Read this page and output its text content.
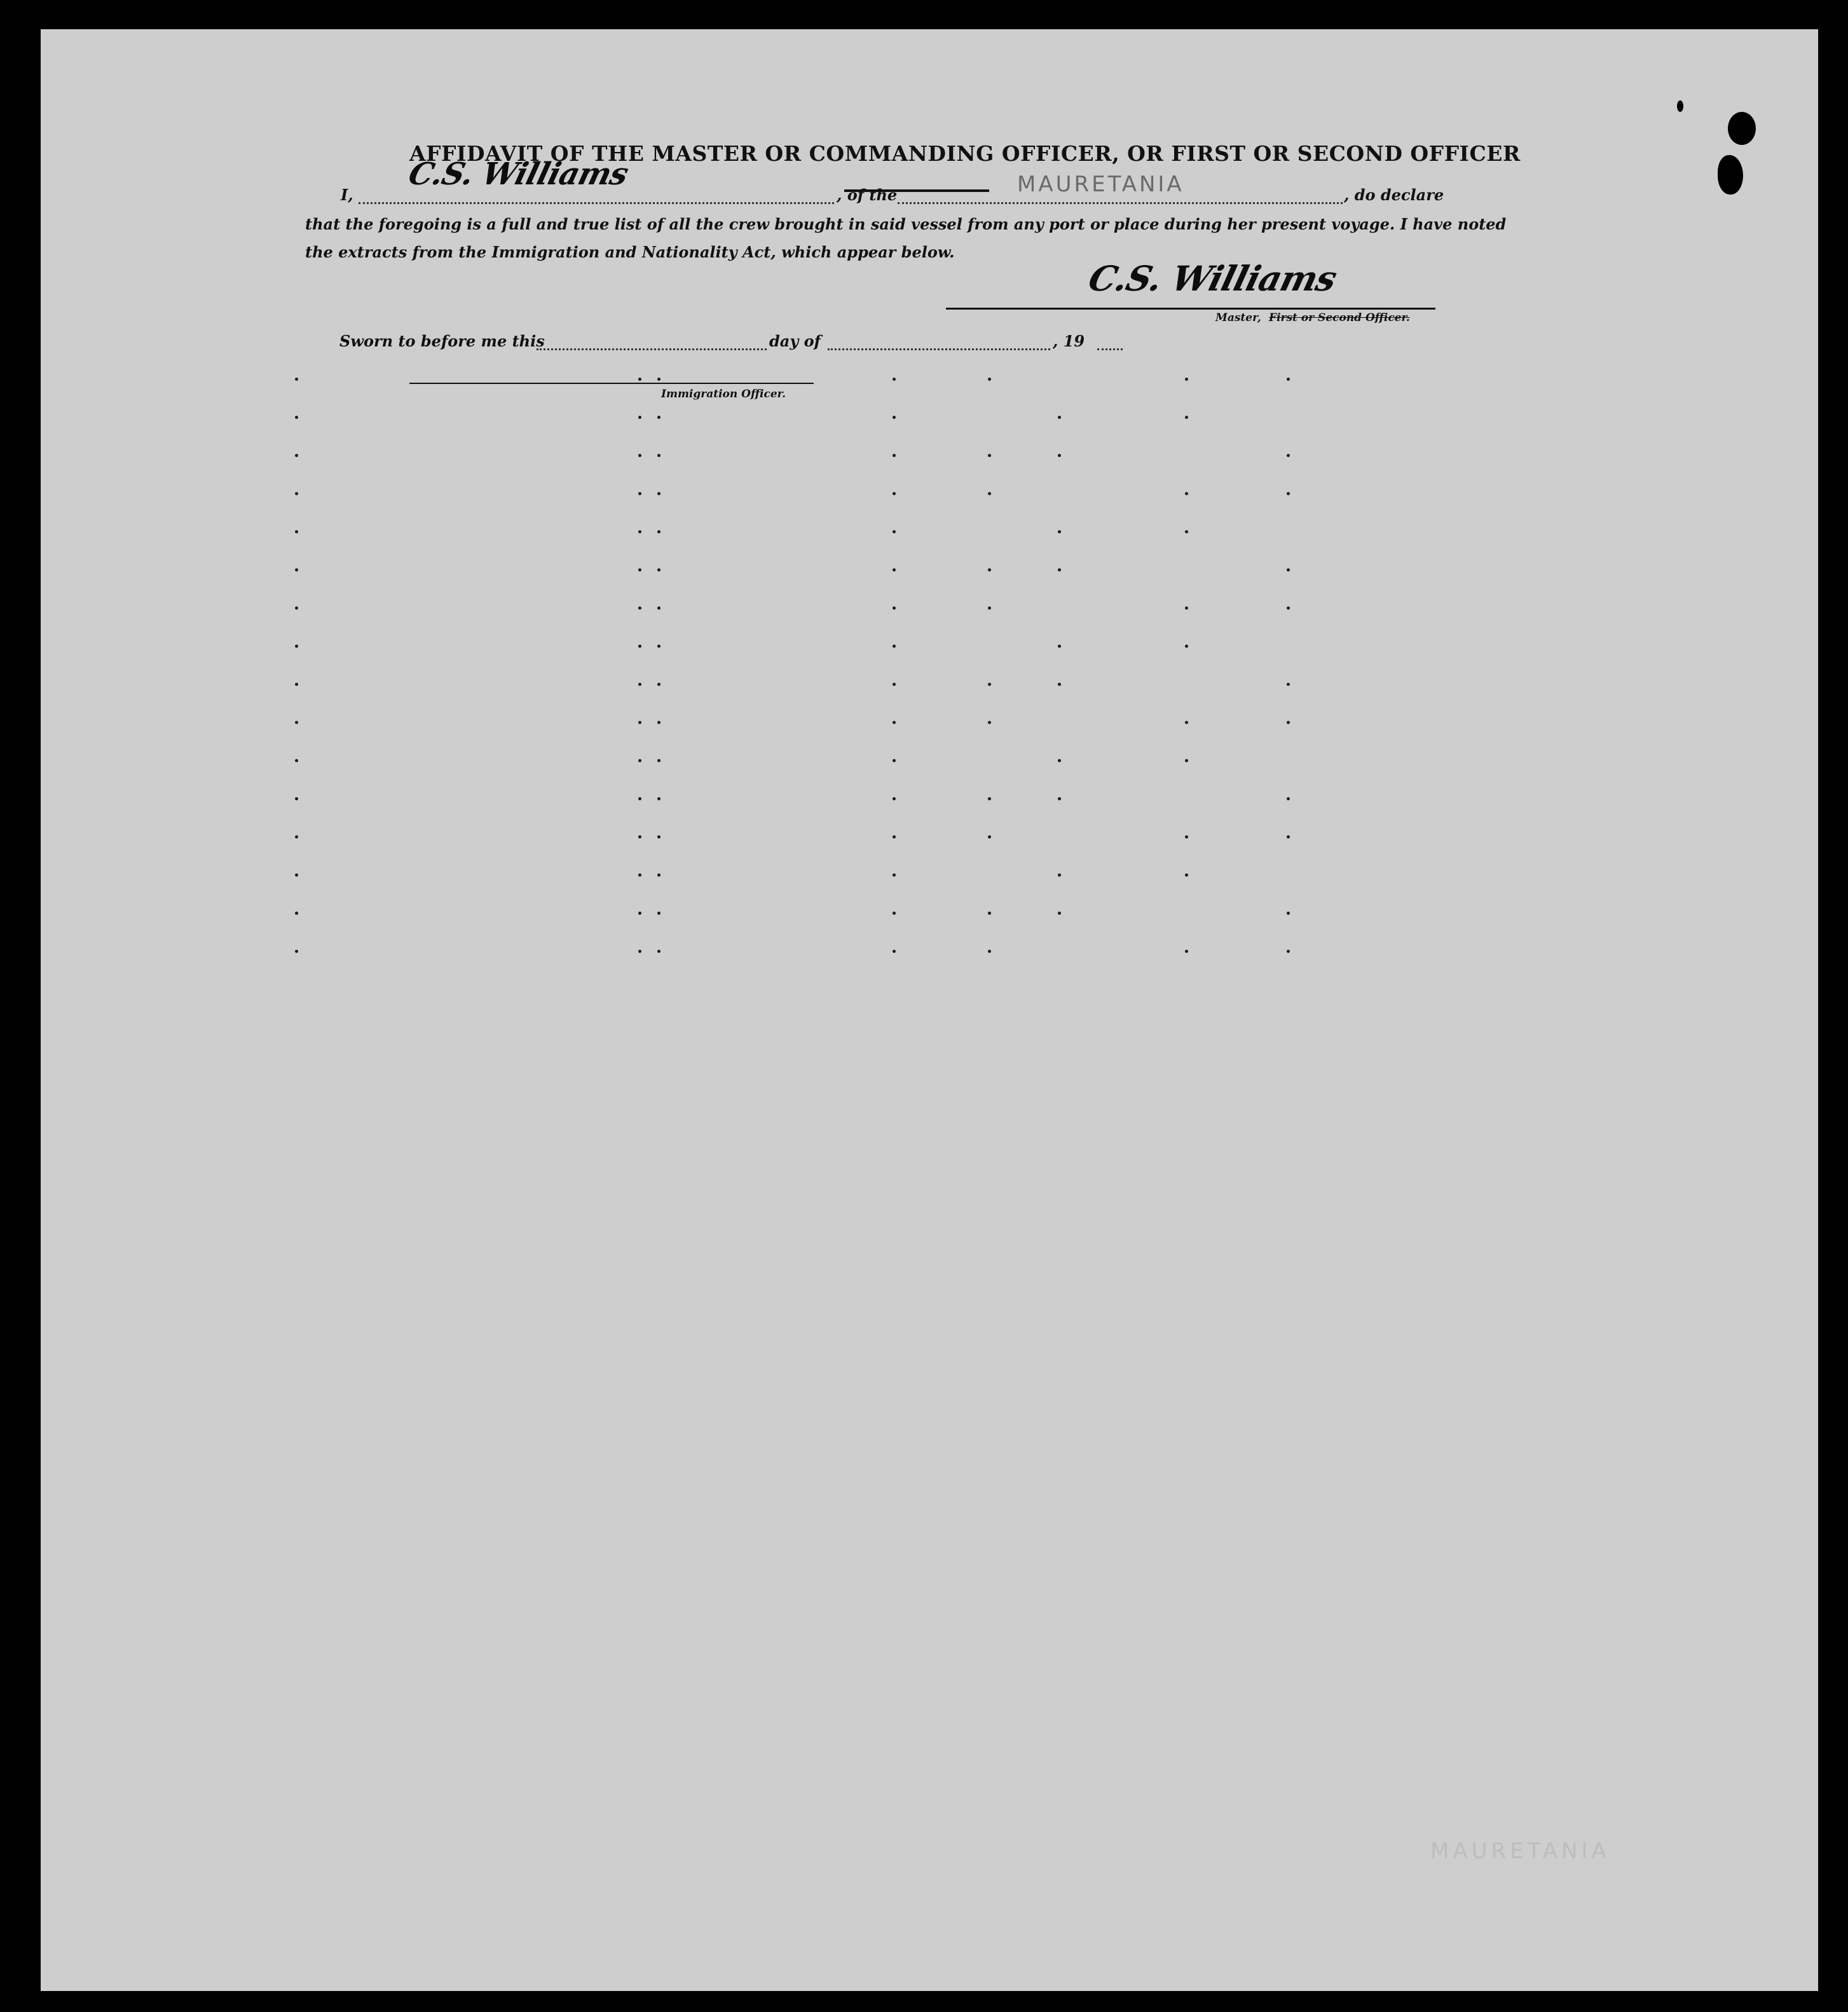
AFFIDAVIT OF THE MASTER OR COMMANDING OFFICER, OR FIRST OR SECOND OFFICER
I,
C.S. Williams
, of the	MAURETANIA	, do declare
that the foregoing is a full and true list of all the crew brought in said vessel from any port or place during her present voyage. I have noted
the extracts from the Immigration and Nationality Act, which appear below.
C.S. Williams
Master, First or Second Officer.
Sworn to before me this	day of	, 19
Immigration Officer.
MAURETANIA
